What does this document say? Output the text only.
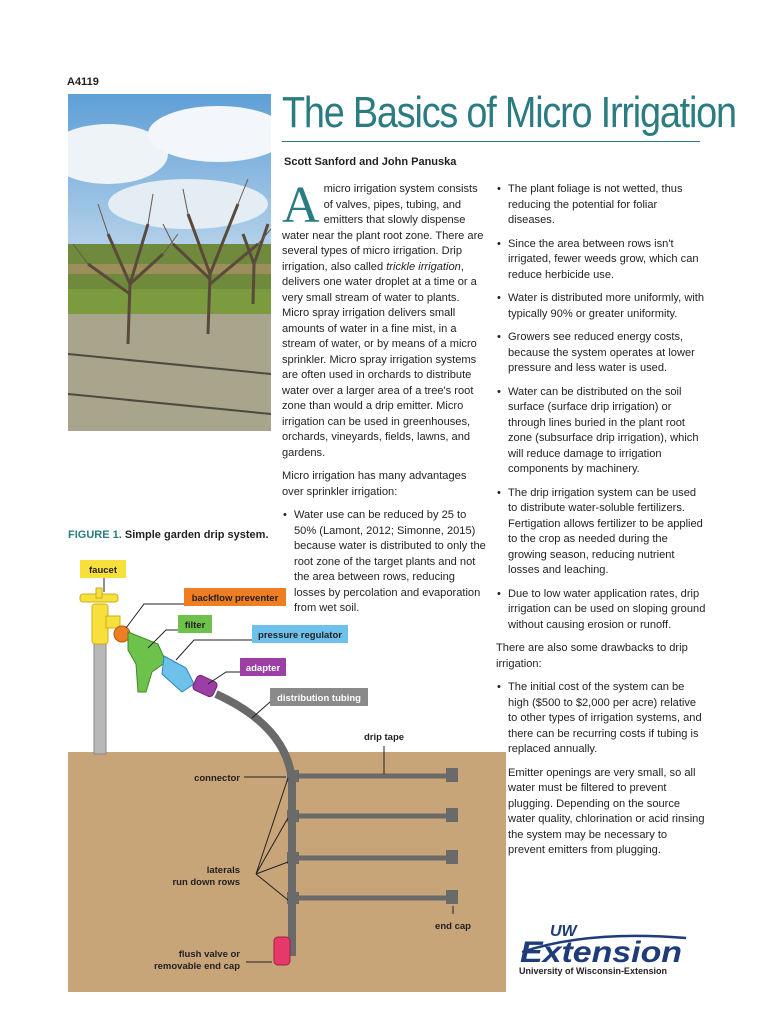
A4119
The Basics of Micro Irrigation
Scott Sanford and John Panuska

A micro irrigation system consists of valves, pipes, tubing, and emitters that slowly dispense water near the plant root zone. There are several types of micro irrigation. Drip irrigation, also called trickle irrigation, delivers one water droplet at a time or a very small stream of water to plants. Micro spray irrigation delivers small amounts of water in a fine mist, in a stream of water, or by means of a micro sprinkler. Micro spray irrigation systems are often used in orchards to distribute water over a larger area of a tree's root zone than would a drip emitter. Micro irrigation can be used in greenhouses, orchards, vineyards, fields, lawns, and gardens.

Micro irrigation has many advantages over sprinkler irrigation:

• Water use can be reduced by 25 to 50% (Lamont, 2012; Simonne, 2015) because water is distributed to only the root zone of the target plants and not the area between rows, reducing losses by percolation and evaporation from wet soil.
• The plant foliage is not wetted, thus reducing the potential for foliar diseases.
• Since the area between rows isn't irrigated, fewer weeds grow, which can reduce herbicide use.
• Water is distributed more uniformly, with typically 90% or greater uniformity.
• Growers see reduced energy costs, because the system operates at lower pressure and less water is used.
• Water can be distributed on the soil surface (surface drip irrigation) or through lines buried in the plant root zone (subsurface drip irrigation), which will reduce damage to irrigation components by machinery.
• The drip irrigation system can be used to distribute water-soluble fertilizers. Fertigation allows fertilizer to be applied to the crop as needed during the growing season, reducing nutrient losses and leaching.
• Due to low water application rates, drip irrigation can be used on sloping ground without causing erosion or runoff.

There are also some drawbacks to drip irrigation:

• The initial cost of the system can be high ($500 to $2,000 per acre) relative to other types of irrigation systems, and there can be recurring costs if tubing is replaced annually.
• Emitter openings are very small, so all water must be filtered to prevent plugging. Depending on the source water quality, chlorination or acid rinsing the system may be necessary to prevent emitters from plugging.
FIGURE 1. Simple garden drip system.
faucet
backflow preventer
filter
pressure regulator
adapter
distribution tubing
drip tape
connector
laterals
run down rows
end cap
flush valve or
removable end cap
UW
Extension
University of Wisconsin-Extension
